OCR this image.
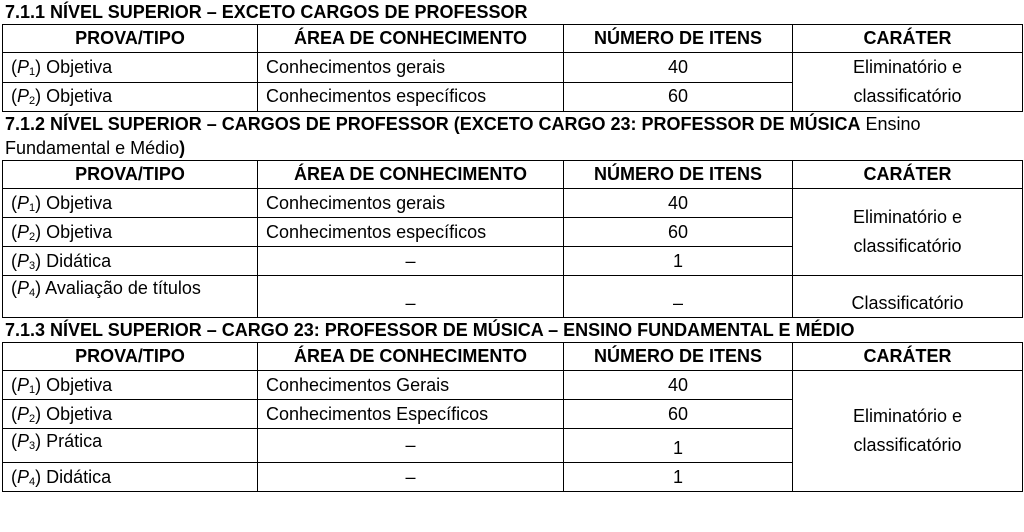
7.1.1 NÍVEL SUPERIOR – EXCETO CARGOS DE PROFESSOR

PROVA/TIPO	ÁREA DE CONHECIMENTO	NÚMERO DE ITENS	CARÁTER
(P1) Objetiva	Conhecimentos gerais	40	Eliminatório e
classificatório
(P2) Objetiva	Conhecimentos específicos	60	

7.1.2 NÍVEL SUPERIOR – CARGOS DE PROFESSOR (EXCETO CARGO 23: PROFESSOR DE MÚSICA Ensino
Fundamental e Médio)

PROVA/TIPO	ÁREA DE CONHECIMENTO	NÚMERO DE ITENS	CARÁTER
(P1) Objetiva	Conhecimentos gerais	40	Eliminatório e
classificatório
(P2) Objetiva	Conhecimentos específicos	60	
(P3) Didática	–	1	
(P4) Avaliação de títulos	–	–	Classificatório

7.1.3 NÍVEL SUPERIOR – CARGO 23: PROFESSOR DE MÚSICA – ENSINO FUNDAMENTAL E MÉDIO

PROVA/TIPO	ÁREA DE CONHECIMENTO	NÚMERO DE ITENS	CARÁTER
(P1) Objetiva	Conhecimentos Gerais	40	Eliminatório e
classificatório
(P2) Objetiva	Conhecimentos Específicos	60	
(P3) Prática	–	1	
(P4) Didática	–	1	
